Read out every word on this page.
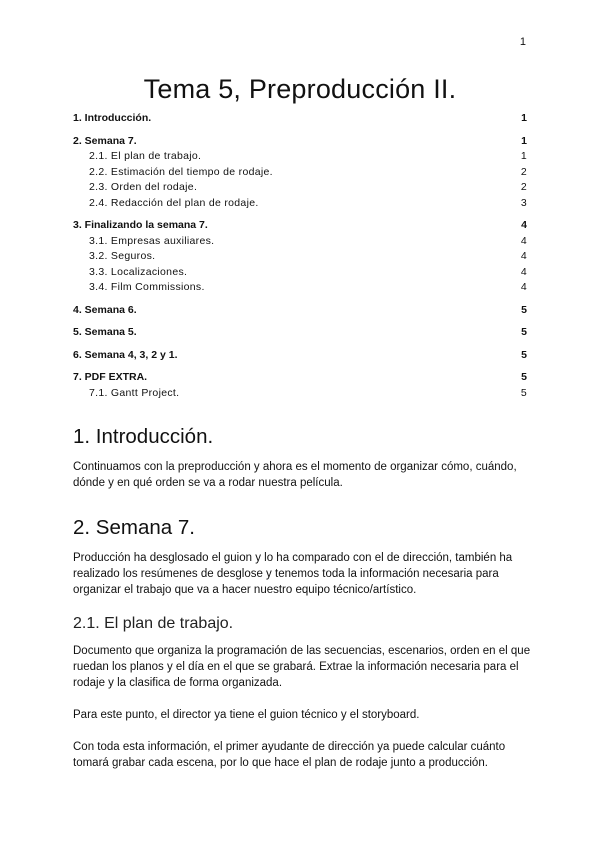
1
Tema 5, Preproducción II.
1. Introducción.	1
2. Semana 7.	1
2.1. El plan de trabajo.	1
2.2. Estimación del tiempo de rodaje.	2
2.3. Orden del rodaje.	2
2.4. Redacción del plan de rodaje.	3
3. Finalizando la semana 7.	4
3.1. Empresas auxiliares.	4
3.2. Seguros.	4
3.3. Localizaciones.	4
3.4. Film Commissions.	4
4. Semana 6.	5
5. Semana 5.	5
6. Semana 4, 3, 2 y 1.	5
7. PDF EXTRA.	5
7.1. Gantt Project.	5
1. Introducción.

Continuamos con la preproducción y ahora es el momento de organizar cómo, cuándo, dónde y en qué orden se va a rodar nuestra película.

2. Semana 7.

Producción ha desglosado el guion y lo ha comparado con el de dirección, también ha realizado los resúmenes de desglose y tenemos toda la información necesaria para organizar el trabajo que va a hacer nuestro equipo técnico/artístico.

2.1. El plan de trabajo.

Documento que organiza la programación de las secuencias, escenarios, orden en el que ruedan los planos y el día en el que se grabará. Extrae la información necesaria para el rodaje y la clasifica de forma organizada.

Para este punto, el director ya tiene el guion técnico y el storyboard.

Con toda esta información, el primer ayudante de dirección ya puede calcular cuánto tomará grabar cada escena, por lo que hace el plan de rodaje junto a producción.
